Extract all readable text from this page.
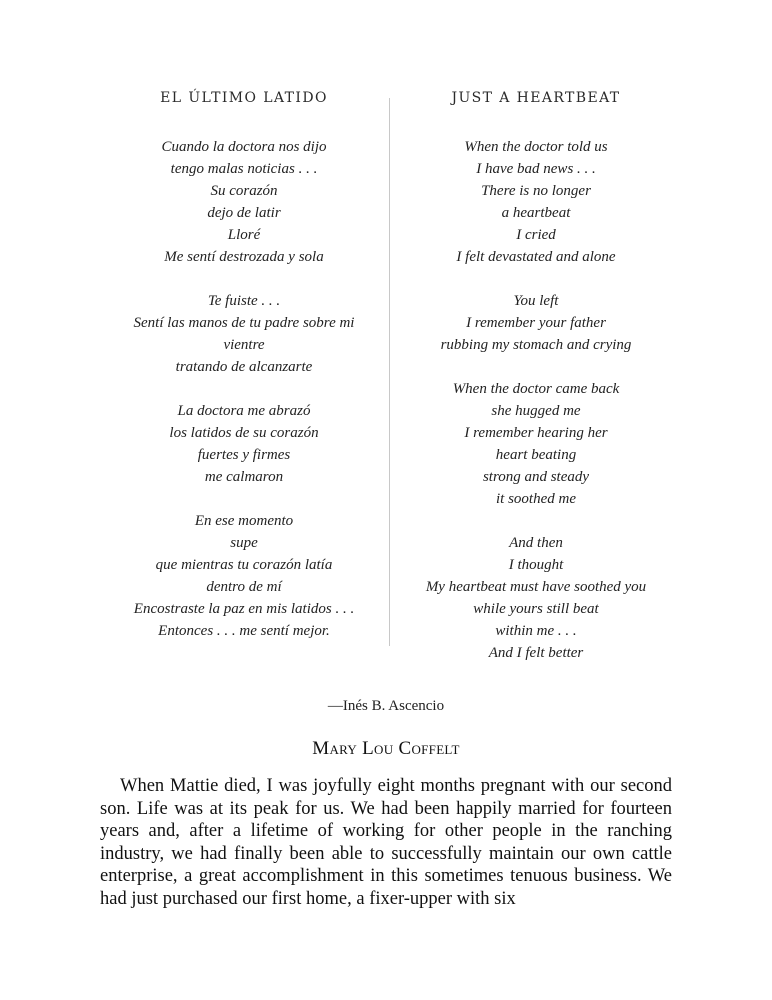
EL ÚLTIMO LATIDO
Cuando la doctora nos dijo
tengo malas noticias . . .
Su corazón
dejo de latir
Lloré
Me sentí destrozada y sola
Te fuiste . . .
Sentí las manos de tu padre sobre mi
vientre
tratando de alcanzarte
La doctora me abrazó
los latidos de su corazón
fuertes y firmes
me calmaron
En ese momento
supe
que mientras tu corazón latía
dentro de mí
Encostraste la paz en mis latidos . . .
Entonces . . . me sentí mejor.
JUST A HEARTBEAT
When the doctor told us
I have bad news . . .
There is no longer
a heartbeat
I cried
I felt devastated and alone
You left
I remember your father
rubbing my stomach and crying
When the doctor came back
she hugged me
I remember hearing her
heart beating
strong and steady
it soothed me
And then
I thought
My heartbeat must have soothed you
while yours still beat
within me . . .
And I felt better
—Inés B. Ascencio
Mary Lou Coffelt

When Mattie died, I was joyfully eight months pregnant with our second son. Life was at its peak for us. We had been happily married for fourteen years and, after a lifetime of working for other people in the ranching industry, we had finally been able to successfully maintain our own cattle enterprise, a great accomplishment in this sometimes tenuous business. We had just purchased our first home, a fixer-upper with six
